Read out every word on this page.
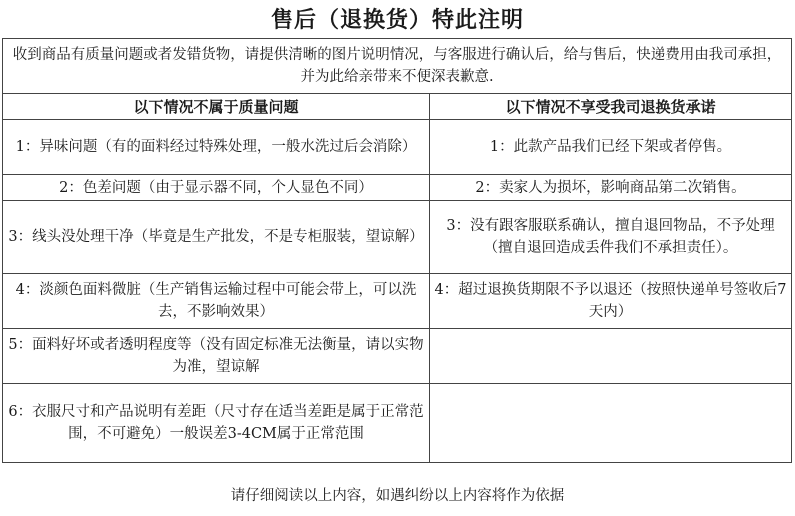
售后（退换货）特此注明
收到商品有质量问题或者发错货物，请提供清晰的图片说明情况，与客服进行确认后，给与售后，快递费用由我司承担，并为此给亲带来不便深表歉意.	
以下情况不属于质量问题	以下情况不享受我司退换货承诺
1：异味问题（有的面料经过特殊处理，一般水洗过后会消除）	1：此款产品我们已经下架或者停售。
2：色差问题（由于显示器不同，个人显色不同）	2：卖家人为损坏，影响商品第二次销售。
3：线头没处理干净（毕竟是生产批发，不是专柜服装，望谅解）	3：没有跟客服联系确认，擅自退回物品，不予处理（擅自退回造成丢件我们不承担责任）。
4：淡颜色面料微脏（生产销售运输过程中可能会带上，可以洗去，不影响效果）	4：超过退换货期限不予以退还（按照快递单号签收后7天内）
5：面料好坏或者透明程度等（没有固定标准无法衡量，请以实物为准，望谅解	
6：衣服尺寸和产品说明有差距（尺寸存在适当差距是属于正常范围，不可避免）一般误差3-4CM属于正常范围	
请仔细阅读以上内容，如遇纠纷以上内容将作为依据
